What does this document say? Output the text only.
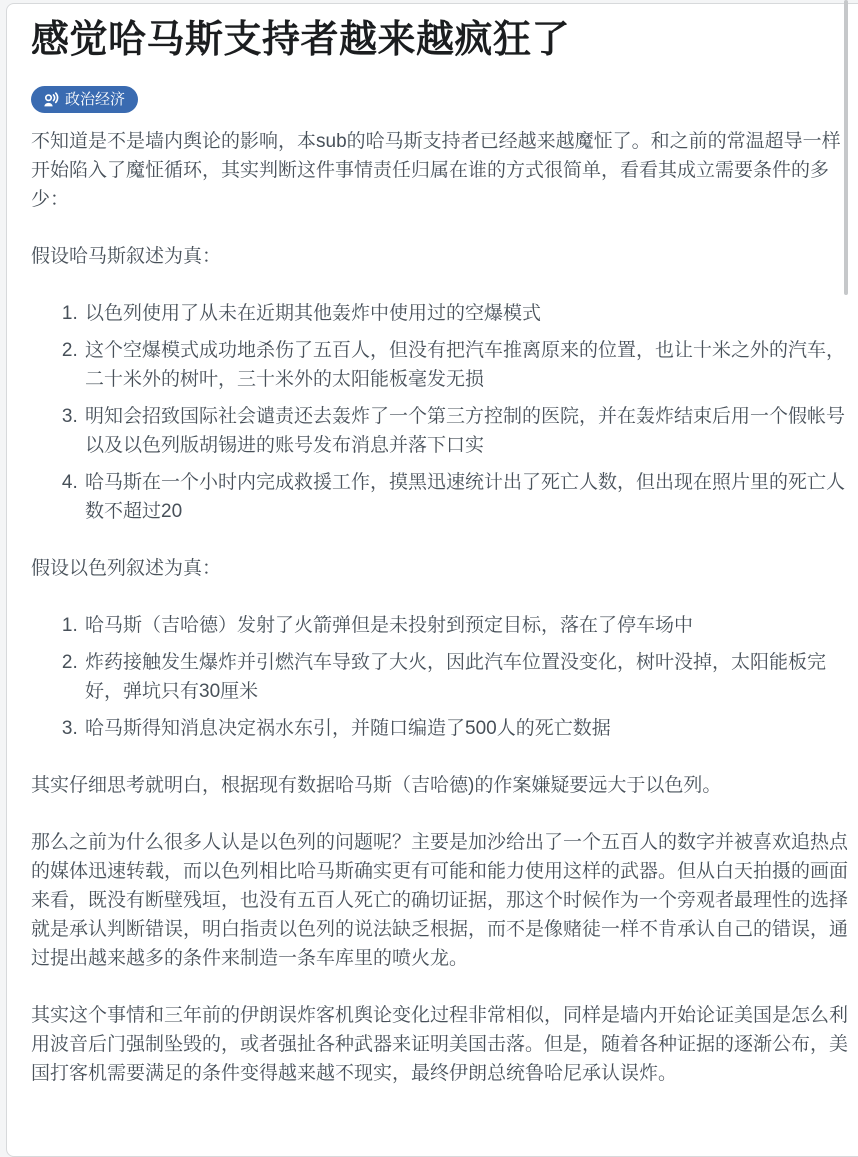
感觉哈马斯支持者越来越疯狂了
政治经济

不知道是不是墙内舆论的影响，本sub的哈马斯支持者已经越来越魔怔了。和之前的常温超导一样开始陷入了魔怔循环，其实判断这件事情责任归属在谁的方式很简单，看看其成立需要条件的多少：

假设哈马斯叙述为真：

1. 以色列使用了从未在近期其他轰炸中使用过的空爆模式
2. 这个空爆模式成功地杀伤了五百人，但没有把汽车推离原来的位置，也让十米之外的汽车，二十米外的树叶，三十米外的太阳能板毫发无损
3. 明知会招致国际社会谴责还去轰炸了一个第三方控制的医院，并在轰炸结束后用一个假帐号以及以色列版胡锡进的账号发布消息并落下口实
4. 哈马斯在一个小时内完成救援工作，摸黑迅速统计出了死亡人数，但出现在照片里的死亡人数不超过20

假设以色列叙述为真：

1. 哈马斯（吉哈德）发射了火箭弹但是未投射到预定目标，落在了停车场中
2. 炸药接触发生爆炸并引燃汽车导致了大火，因此汽车位置没变化，树叶没掉，太阳能板完好，弹坑只有30厘米
3. 哈马斯得知消息决定祸水东引，并随口编造了500人的死亡数据

其实仔细思考就明白，根据现有数据哈马斯（吉哈德)的作案嫌疑要远大于以色列。

那么之前为什么很多人认是以色列的问题呢？主要是加沙给出了一个五百人的数字并被喜欢追热点的媒体迅速转载，而以色列相比哈马斯确实更有可能和能力使用这样的武器。但从白天拍摄的画面来看，既没有断壁残垣，也没有五百人死亡的确切证据，那这个时候作为一个旁观者最理性的选择就是承认判断错误，明白指责以色列的说法缺乏根据，而不是像赌徒一样不肯承认自己的错误，通过提出越来越多的条件来制造一条车库里的喷火龙。

其实这个事情和三年前的伊朗误炸客机舆论变化过程非常相似，同样是墙内开始论证美国是怎么利用波音后门强制坠毁的，或者强扯各种武器来证明美国击落。但是，随着各种证据的逐渐公布，美国打客机需要满足的条件变得越来越不现实，最终伊朗总统鲁哈尼承认误炸。
